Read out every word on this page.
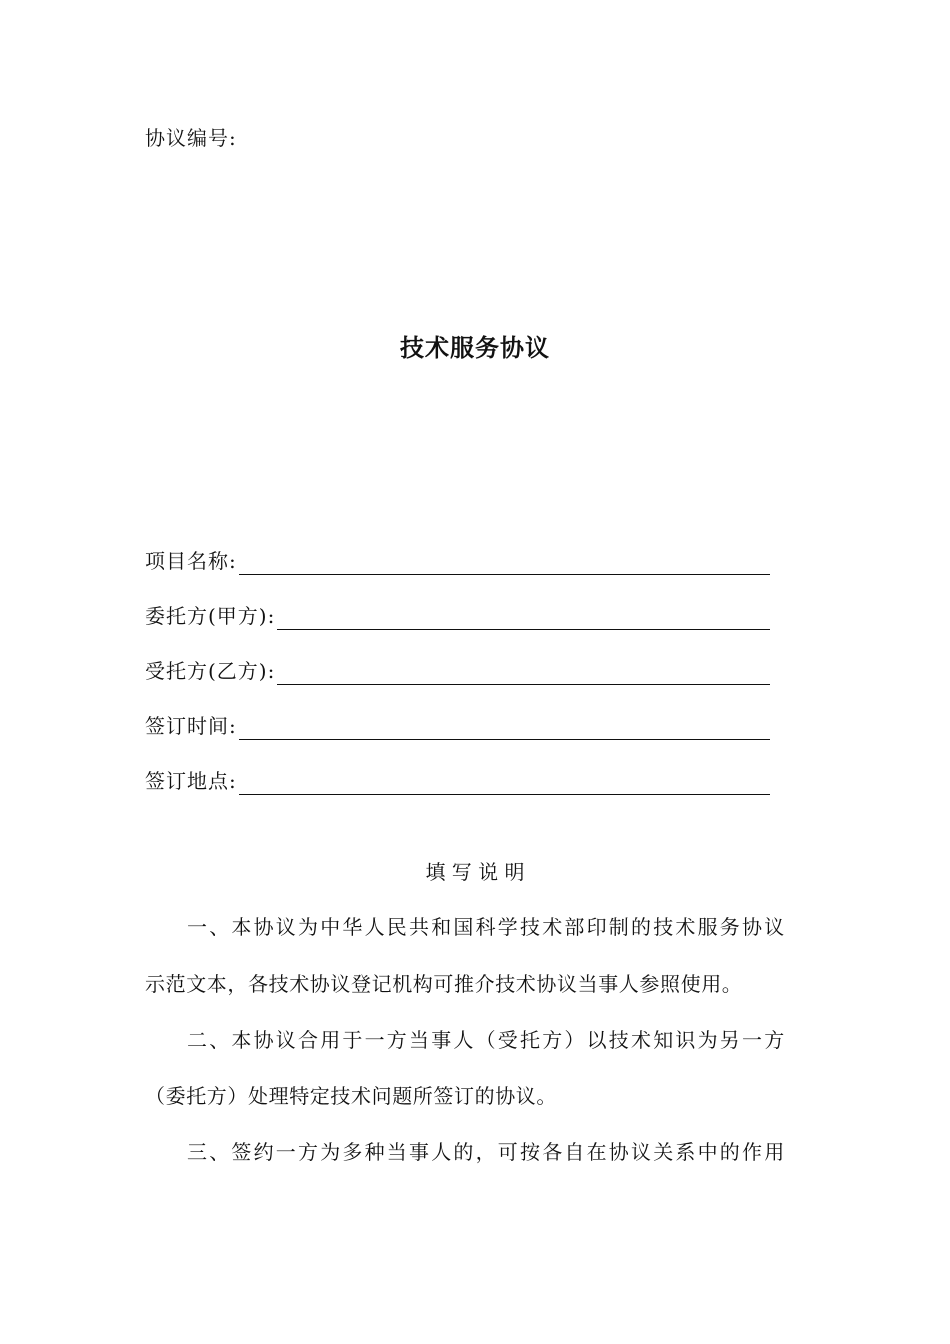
协议编号:
技术服务协议
项目名称:
委托方(甲方):
受托方(乙方):
签订时间:
签订地点:
填 写 说 明
一、本协议为中华人民共和国科学技术部印制的技术服务协议
示范文本，各技术协议登记机构可推介技术协议当事人参照使用。
二、本协议合用于一方当事人（受托方）以技术知识为另一方
（委托方）处理特定技术问题所签订的协议。
三、签约一方为多种当事人的，可按各自在协议关系中的作用
